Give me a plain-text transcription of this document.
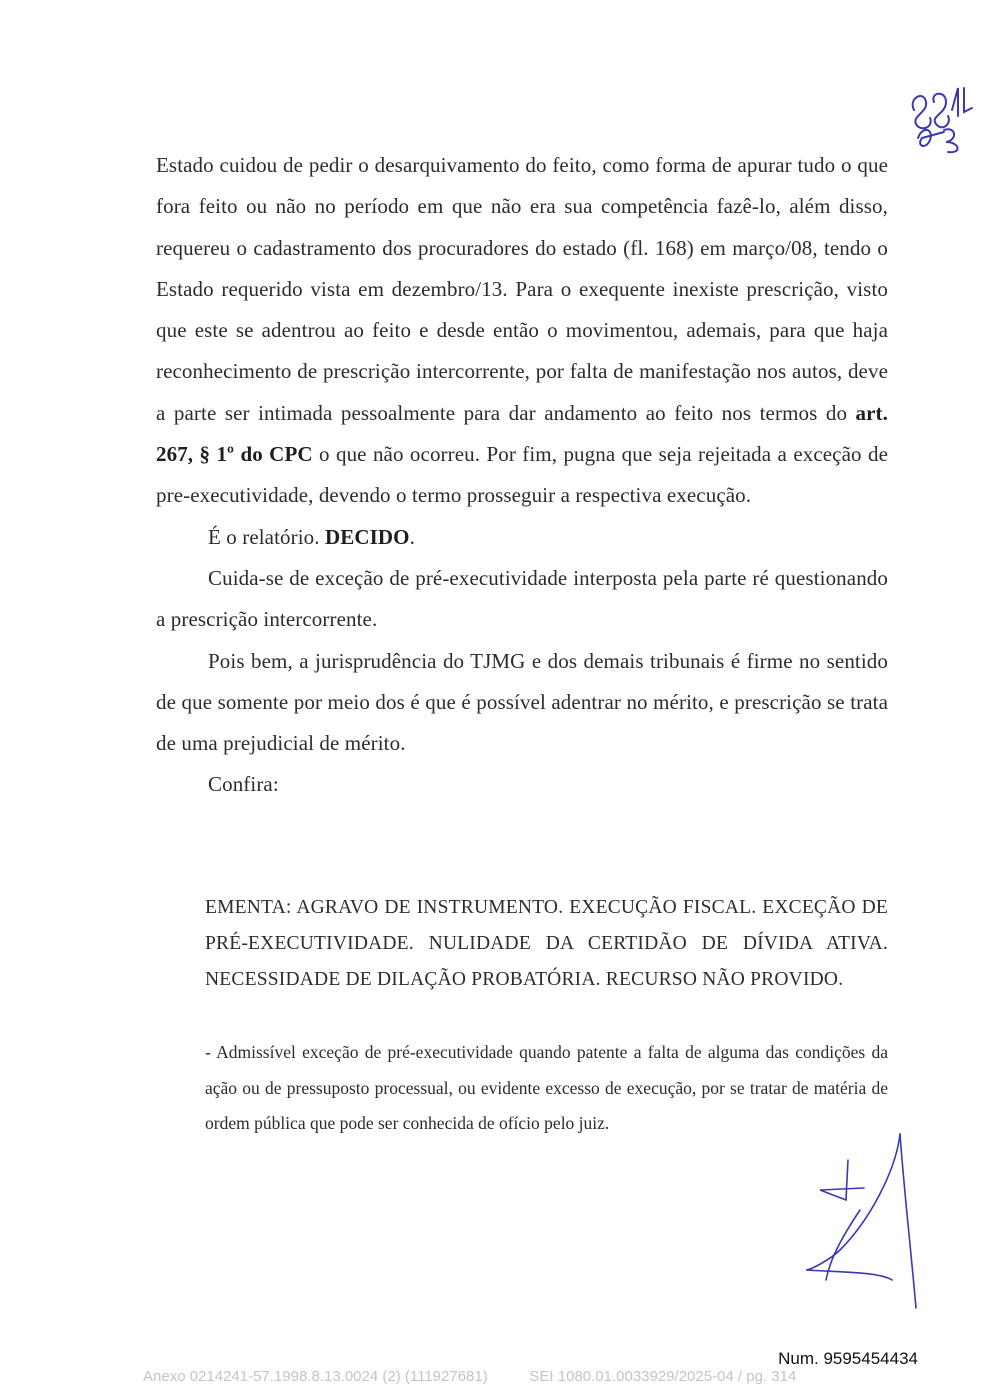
Estado cuidou de pedir o desarquivamento do feito, como forma de apurar tudo o que fora feito ou não no período em que não era sua competência fazê-lo, além disso, requereu o cadastramento dos procuradores do estado (fl. 168) em março/08, tendo o Estado requerido vista em dezembro/13. Para o exequente inexiste prescrição, visto que este se adentrou ao feito e desde então o movimentou, ademais, para que haja reconhecimento de prescrição intercorrente, por falta de manifestação nos autos, deve a parte ser intimada pessoalmente para dar andamento ao feito nos termos do art. 267, § 1º do CPC o que não ocorreu. Por fim, pugna que seja rejeitada a exceção de pre-executividade, devendo o termo prosseguir a respectiva execução.

É o relatório. DECIDO.

Cuida-se de exceção de pré-executividade interposta pela parte ré questionando a prescrição intercorrente.

Pois bem, a jurisprudência do TJMG e dos demais tribunais é firme no sentido de que somente por meio dos é que é possível adentrar no mérito, e prescrição se trata de uma prejudicial de mérito.

Confira:

EMENTA: AGRAVO DE INSTRUMENTO. EXECUÇÃO FISCAL. EXCEÇÃO DE PRÉ-EXECUTIVIDADE. NULIDADE DA CERTIDÃO DE DÍVIDA ATIVA. NECESSIDADE DE DILAÇÃO PROBATÓRIA. RECURSO NÃO PROVIDO.

- Admissível exceção de pré-executividade quando patente a falta de alguma das condições da ação ou de pressuposto processual, ou evidente excesso de execução, por se tratar de matéria de ordem pública que pode ser conhecida de ofício pelo juiz.

Num. 9595454434
Anexo 0214241-57.1998.8.13.0024 (2) (111927681)	SEI 1080.01.0033929/2025-04 / pg. 314
